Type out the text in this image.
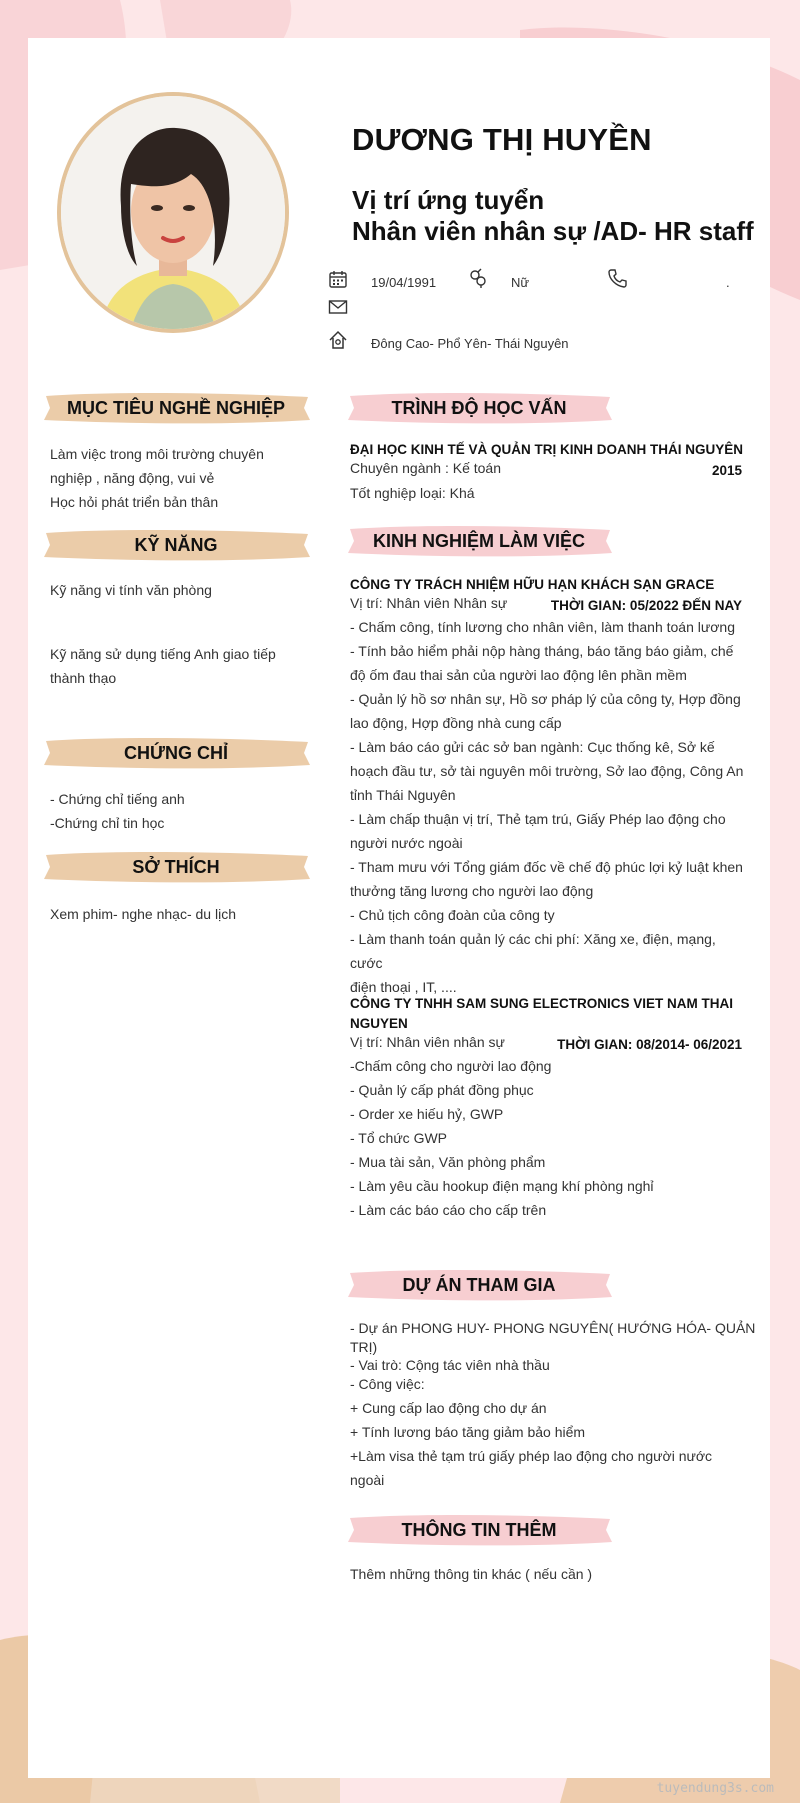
DƯƠNG THỊ HUYỀN
Vị trí ứng tuyển
Nhân viên nhân sự /AD- HR staff
19/04/1991	Nữ	.
Đông Cao- Phổ Yên- Thái Nguyên
MỤC TIÊU NGHỀ NGHIỆP
Làm việc trong môi trường chuyên
nghiệp , năng động, vui vẻ
Học hỏi phát triển bản thân
KỸ NĂNG
Kỹ năng vi tính văn phòng
Kỹ năng sử dụng tiếng Anh giao tiếp
thành thạo
CHỨNG CHỈ
- Chứng chỉ tiếng anh
-Chứng chỉ tin học
SỞ THÍCH
Xem phim- nghe nhạc- du lịch
TRÌNH ĐỘ HỌC VẤN
ĐẠI HỌC KINH TẾ VÀ QUẢN TRỊ KINH DOANH THÁI NGUYÊN
Chuyên ngành : Kế toán	2015
Tốt nghiệp loại: Khá
KINH NGHIỆM LÀM VIỆC
CÔNG TY TRÁCH NHIỆM HỮU HẠN KHÁCH SẠN GRACE
Vị trí: Nhân viên Nhân sự	THỜI GIAN: 05/2022 ĐẾN NAY
- Chấm công, tính lương cho nhân viên, làm thanh toán lương
- Tính bảo hiểm phải nộp hàng tháng, báo tăng báo giảm, chế
độ ốm đau thai sản của người lao động lên phần mềm
- Quản lý hồ sơ nhân sự, Hồ sơ pháp lý của công ty, Hợp đồng
lao động, Hợp đồng nhà cung cấp
- Làm báo cáo gửi các sở ban ngành: Cục thống kê, Sở kế
hoạch đầu tư, sở tài nguyên môi trường, Sở lao động, Công An
tỉnh Thái Nguyên
- Làm chấp thuận vị trí, Thẻ tạm trú, Giấy Phép lao động cho
người nước ngoài
- Tham mưu với Tổng giám đốc về chế độ phúc lợi kỷ luật khen
thưởng tăng lương cho người lao động
- Chủ tịch công đoàn của công ty
- Làm thanh toán quản lý các chi phí: Xăng xe, điện, mạng, cước
điện thoại , IT, ....
CÔNG TY TNHH SAM SUNG ELECTRONICS VIET NAM THAI
NGUYEN
Vị trí: Nhân viên nhân sự	THỜI GIAN: 08/2014- 06/2021
-Chấm công cho người lao động
- Quản lý cấp phát đồng phục
- Order xe hiếu hỷ, GWP
- Tổ chức GWP
- Mua tài sản, Văn phòng phẩm
- Làm yêu cầu hookup điện mạng khí phòng nghỉ
- Làm các báo cáo cho cấp trên
DỰ ÁN THAM GIA
- Dự án PHONG HUY- PHONG NGUYÊN( HƯỚNG HÓA- QUẢN
TRỊ)
- Vai trò: Cộng tác viên nhà thầu
- Công việc:
+ Cung cấp lao động cho dự án
+ Tính lương báo tăng giảm bảo hiểm
+Làm visa thẻ tạm trú giấy phép lao động cho người nước
ngoài
THÔNG TIN THÊM
Thêm những thông tin khác ( nếu cần )
tuyendung3s.com
